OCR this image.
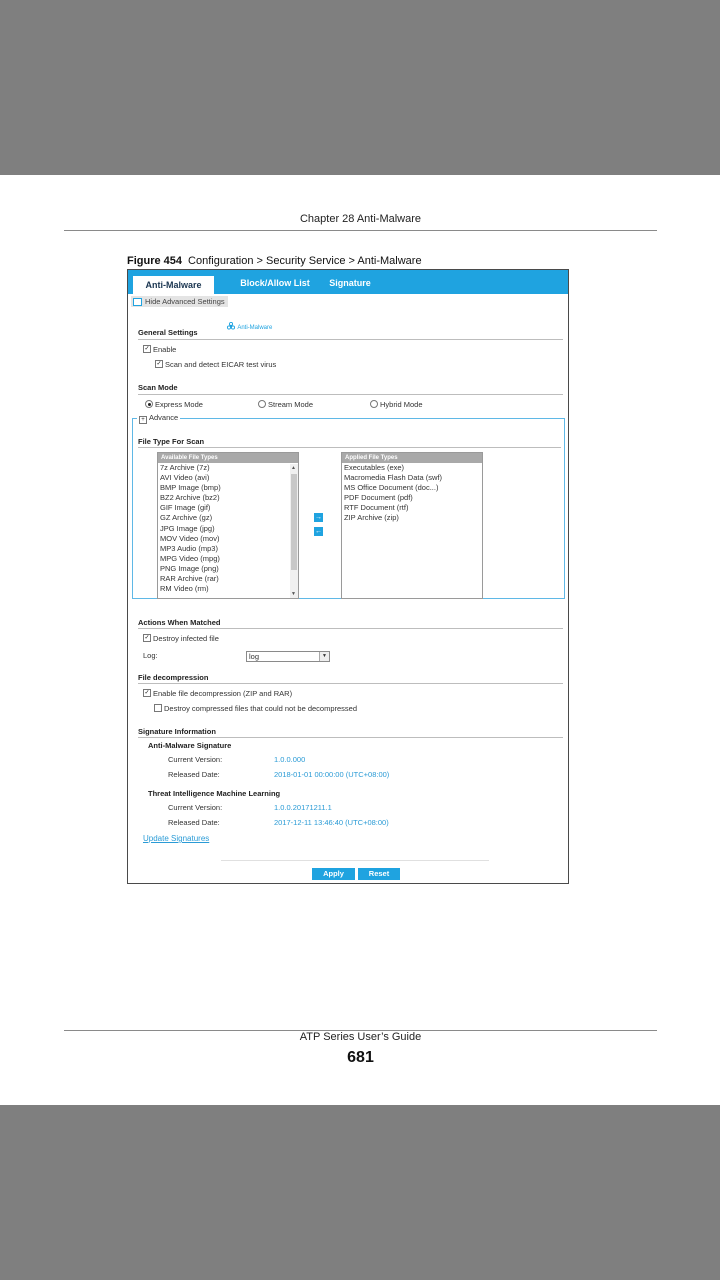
Chapter 28 Anti-Malware
Figure 454 Configuration > Security Service > Anti-Malware
Anti-Malware	Block/Allow List	Signature
Hide Advanced Settings
General Settings	Anti-Malware
✓ Enable
✓ Scan and detect EICAR test virus
Scan Mode
Express Mode	Stream Mode	Hybrid Mode
+ Advance
File Type For Scan
Available File Types
7z Archive (7z)
AVI Video (avi)
BMP Image (bmp)
BZ2 Archive (bz2)
GIF Image (gif)
GZ Archive (gz)
JPG Image (jpg)
MOV Video (mov)
MP3 Audio (mp3)
MPG Video (mpg)
PNG Image (png)
RAR Archive (rar)
RM Video (rm)
▲
▼
→
←
Applied File Types
Executables (exe)
Macromedia Flash Data (swf)
MS Office Document (doc...)
PDF Document (pdf)
RTF Document (rtf)
ZIP Archive (zip)
Actions When Matched
✓ Destroy infected file
Log:	log	▼
File decompression
✓ Enable file decompression (ZIP and RAR)
Destroy compressed files that could not be decompressed
Signature Information
Anti-Malware Signature
Current Version:	1.0.0.000
Released Date:	2018-01-01 00:00:00 (UTC+08:00)
Threat Intelligence Machine Learning
Current Version:	1.0.0.20171211.1
Released Date:	2017-12-11 13:46:40 (UTC+08:00)
Update Signatures
Apply	Reset
ATP Series User’s Guide
681
